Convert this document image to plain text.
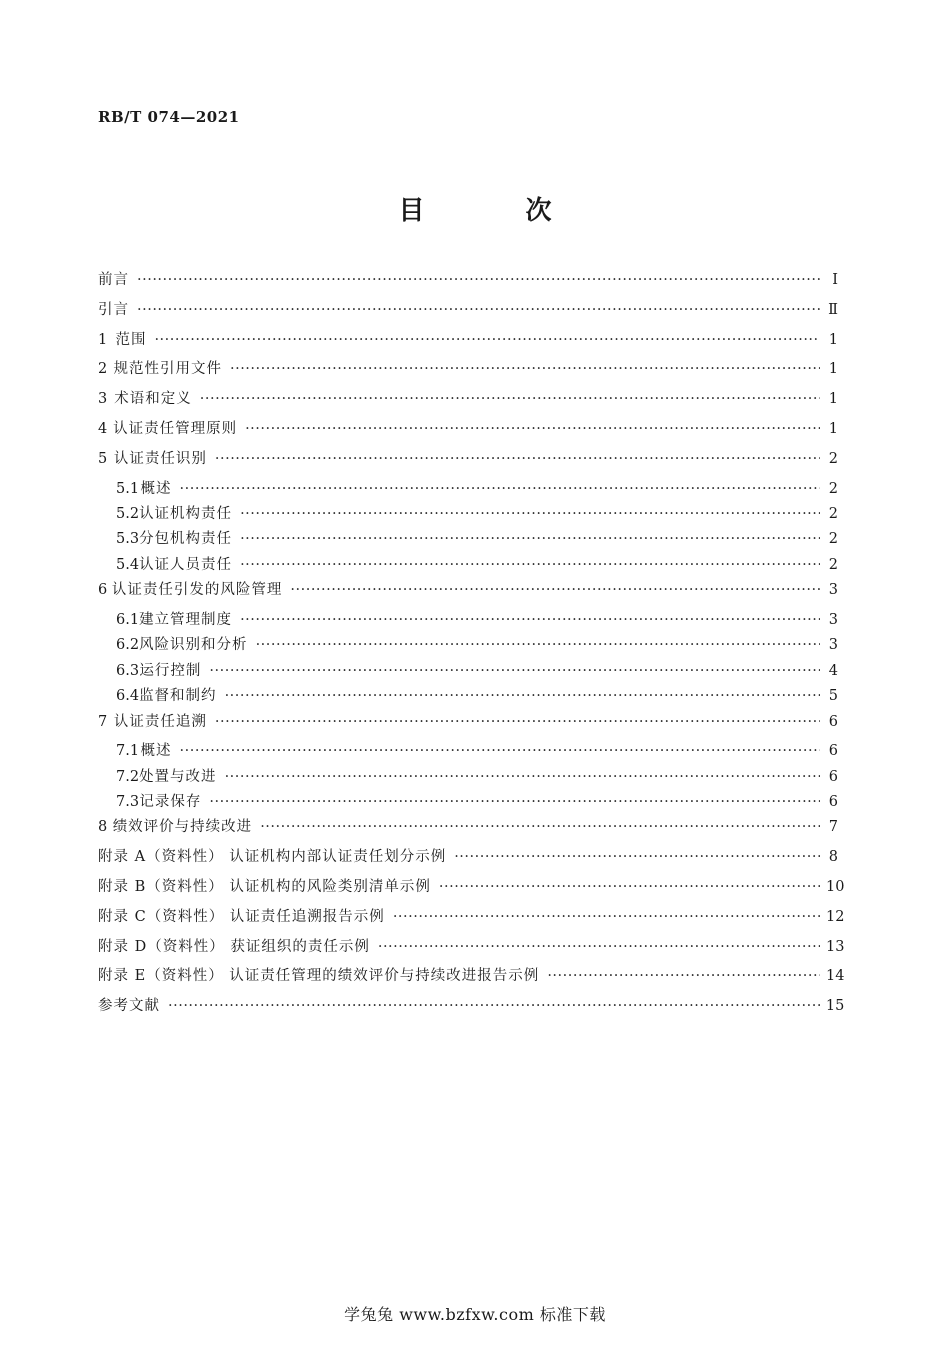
RB/T 074—2021
目 次
前言 ·····	Ⅰ
引言 ·····	Ⅱ
1 范围 ·····	1
2 规范性引用文件 ·····	1
3 术语和定义 ·····	1
4 认证责任管理原则 ·····	1
5 认证责任识别 ·····	2
5.1 概述 ·····	2
5.2 认证机构责任 ·····	2
5.3 分包机构责任 ·····	2
5.4 认证人员责任 ·····	2
6 认证责任引发的风险管理 ·····	3
6.1 建立管理制度 ·····	3
6.2 风险识别和分析 ·····	3
6.3 运行控制 ·····	4
6.4 监督和制约 ·····	5
7 认证责任追溯 ·····	6
7.1 概述 ·····	6
7.2 处置与改进 ·····	6
7.3 记录保存 ·····	6
8 绩效评价与持续改进 ·····	7
附录 A（资料性） 认证机构内部认证责任划分示例 ·····	8
附录 B（资料性） 认证机构的风险类别清单示例 ·····	10
附录 C（资料性） 认证责任追溯报告示例 ·····	12
附录 D（资料性） 获证组织的责任示例 ·····	13
附录 E（资料性） 认证责任管理的绩效评价与持续改进报告示例 ·····	14
参考文献 ·····	15
学兔兔 www.bzfxw.com 标准下载
